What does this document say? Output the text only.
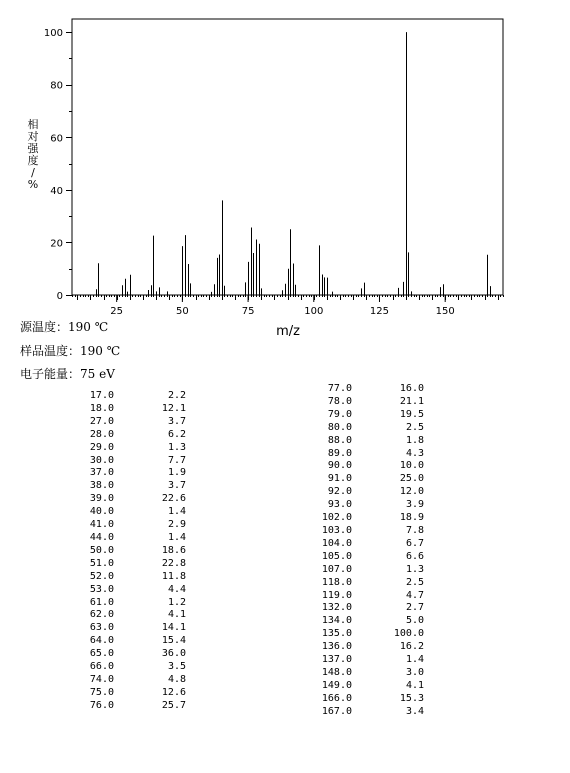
25	50	75	100	125	150
0
20
40
60
80
100
m/z
相
对
强
度
/
%
源温度：190 ℃
样品温度：190 ℃
电子能量：75 eV
17.0	2.2
18.0	12.1
27.0	3.7
28.0	6.2
29.0	1.3
30.0	7.7
37.0	1.9
38.0	3.7
39.0	22.6
40.0	1.4
41.0	2.9
44.0	1.4
50.0	18.6
51.0	22.8
52.0	11.8
53.0	4.4
61.0	1.2
62.0	4.1
63.0	14.1
64.0	15.4
65.0	36.0
66.0	3.5
74.0	4.8
75.0	12.6
76.0	25.7
77.0	16.0
78.0	21.1
79.0	19.5
80.0	2.5
88.0	1.8
89.0	4.3
90.0	10.0
91.0	25.0
92.0	12.0
93.0	3.9
102.0	18.9
103.0	7.8
104.0	6.7
105.0	6.6
107.0	1.3
118.0	2.5
119.0	4.7
132.0	2.7
134.0	5.0
135.0	100.0
136.0	16.2
137.0	1.4
148.0	3.0
149.0	4.1
166.0	15.3
167.0	3.4
